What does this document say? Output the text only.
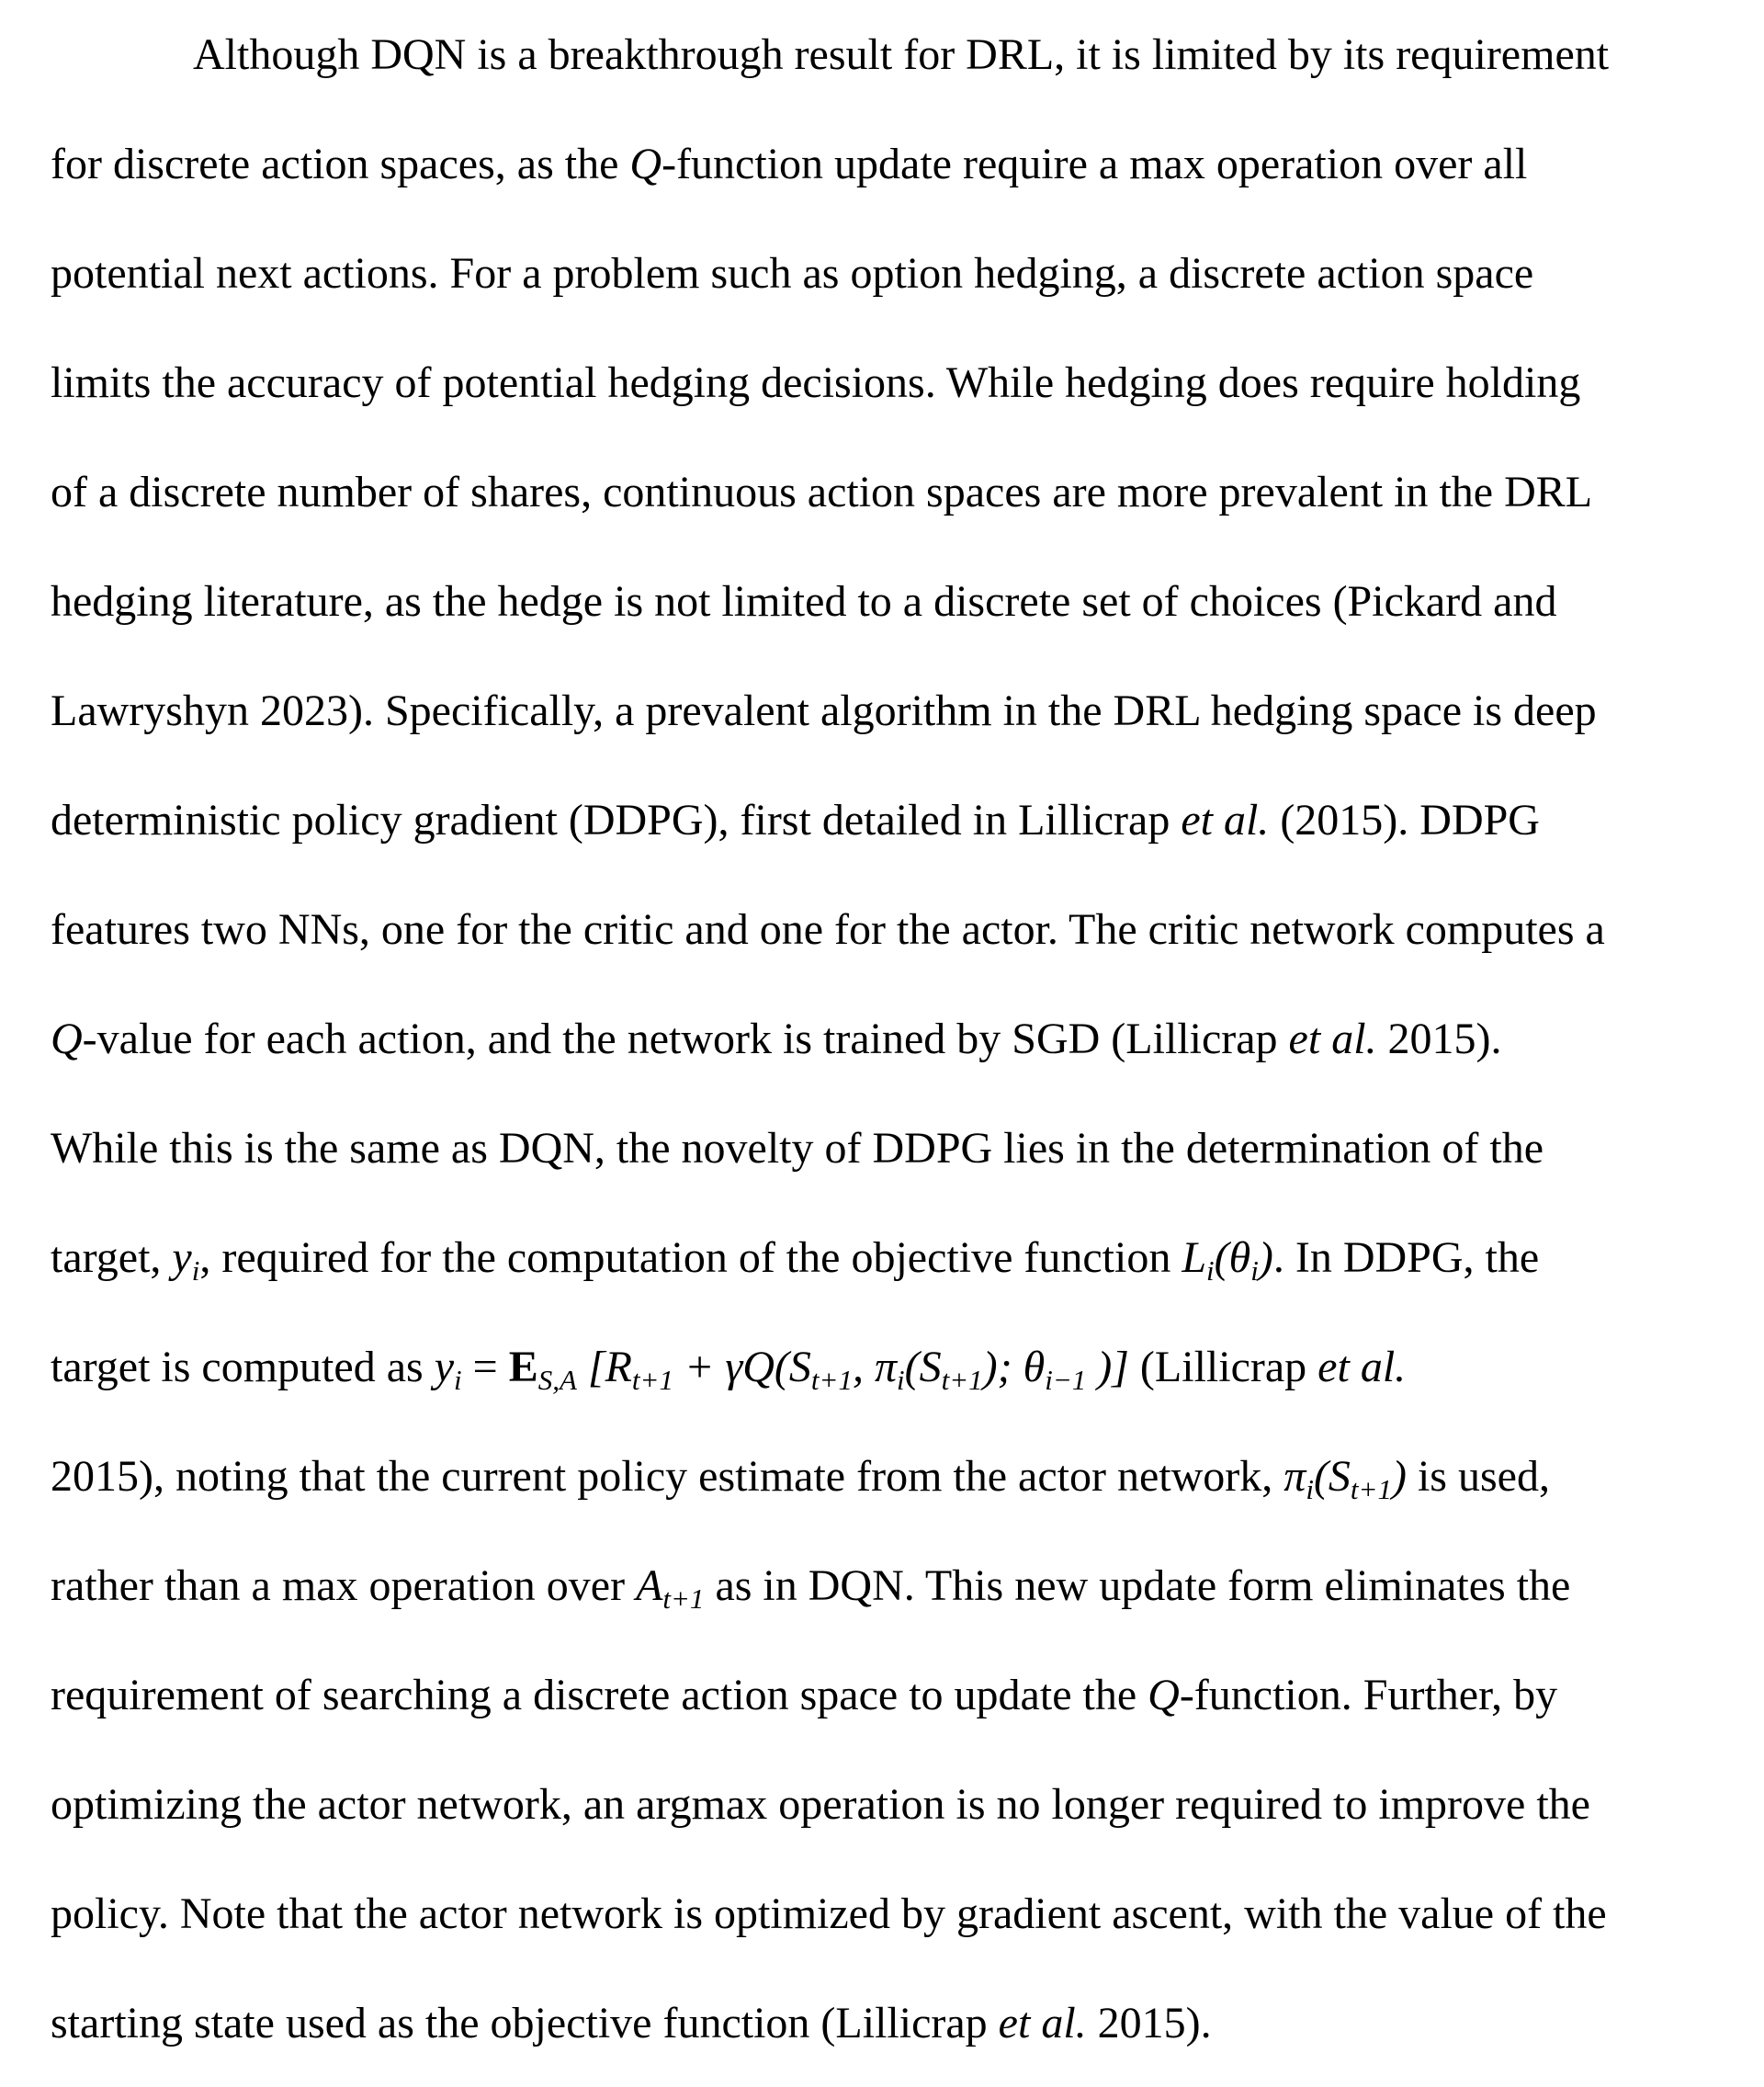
Although DQN is a breakthrough result for DRL, it is limited by its requirement
for discrete action spaces, as the Q-function update require a max operation over all
potential next actions. For a problem such as option hedging, a discrete action space
limits the accuracy of potential hedging decisions. While hedging does require holding
of a discrete number of shares, continuous action spaces are more prevalent in the DRL
hedging literature, as the hedge is not limited to a discrete set of choices (Pickard and
Lawryshyn 2023). Specifically, a prevalent algorithm in the DRL hedging space is deep
deterministic policy gradient (DDPG), first detailed in Lillicrap et al. (2015). DDPG
features two NNs, one for the critic and one for the actor. The critic network computes a
Q-value for each action, and the network is trained by SGD (Lillicrap et al. 2015).
While this is the same as DQN, the novelty of DDPG lies in the determination of the
target, $y_i$, required for the computation of the objective function $L_i(\theta_i)$. In DDPG, the
target is computed as $y_i = E_{S,A}$ [$R_{t+1} + \gamma Q(S_{t+1}$, $\pi_i(S_{t+1})$; $\theta_{i-1}$ )] (Lillicrap et al.
2015), noting that the current policy estimate from the actor network, $\pi_i(S_{t+1})$ is used,
rather than a max operation over $A_{t+1}$ as in DQN. This new update form eliminates the
requirement of searching a discrete action space to update the Q-function. Further, by
optimizing the actor network, an argmax operation is no longer required to improve the
policy. Note that the actor network is optimized by gradient ascent, with the value of the
starting state used as the objective function (Lillicrap et al. 2015).
